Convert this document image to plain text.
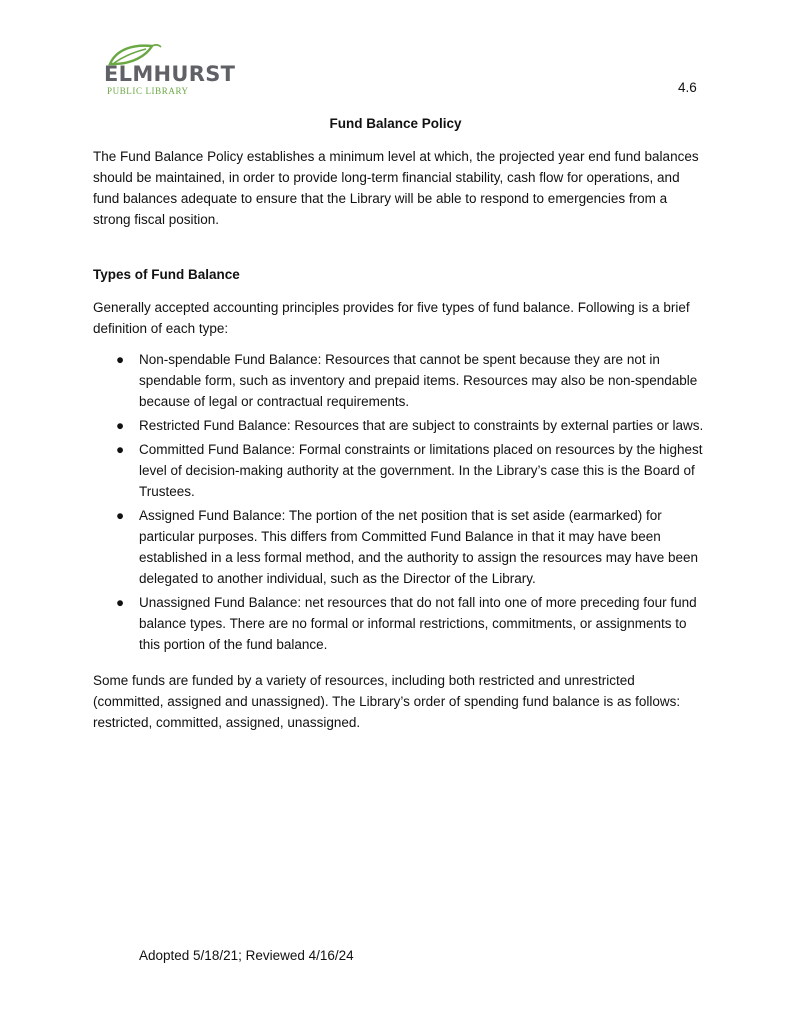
ELMHURST
PUBLIC LIBRARY	4.6
Fund Balance Policy
The Fund Balance Policy establishes a minimum level at which, the projected year end fund balances should be maintained, in order to provide long-term financial stability, cash flow for operations, and fund balances adequate to ensure that the Library will be able to respond to emergencies from a strong fiscal position.
Types of Fund Balance
Generally accepted accounting principles provides for five types of fund balance. Following is a brief definition of each type:
● Non-spendable Fund Balance: Resources that cannot be spent because they are not in spendable form, such as inventory and prepaid items. Resources may also be non-spendable because of legal or contractual requirements.
● Restricted Fund Balance: Resources that are subject to constraints by external parties or laws.
● Committed Fund Balance: Formal constraints or limitations placed on resources by the highest level of decision-making authority at the government. In the Library’s case this is the Board of Trustees.
● Assigned Fund Balance: The portion of the net position that is set aside (earmarked) for particular purposes. This differs from Committed Fund Balance in that it may have been established in a less formal method, and the authority to assign the resources may have been delegated to another individual, such as the Director of the Library.
● Unassigned Fund Balance: net resources that do not fall into one of more preceding four fund balance types. There are no formal or informal restrictions, commitments, or assignments to this portion of the fund balance.
Some funds are funded by a variety of resources, including both restricted and unrestricted (committed, assigned and unassigned). The Library’s order of spending fund balance is as follows: restricted, committed, assigned, unassigned.
Adopted 5/18/21; Reviewed 4/16/24
